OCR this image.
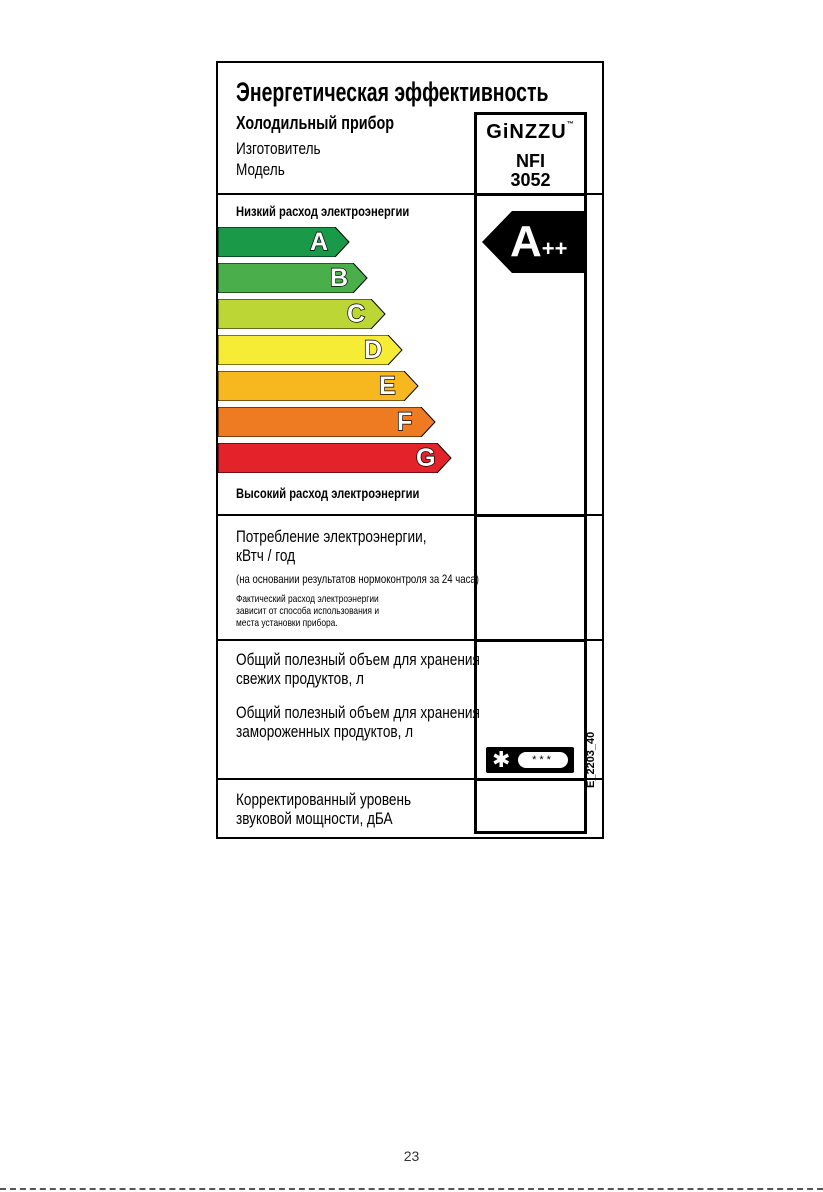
Энергетическая эффективность
Холодильный прибор
Изготовитель
Модель
Низкий расход электроэнергии
A
B
C
D
E
F
G
Высокий расход электроэнергии
Потребление электроэнергии,
кВтч / год
(на основании результатов нормоконтроля за 24 часа)
Фактический расход электроэнергии
зависит от способа использования и
места установки прибора.
Общий полезный объем для хранения
свежих продуктов, л
Общий полезный объем для хранения
замороженных продуктов, л
Корректированный уровень
звуковой мощности, дБА
GiNZZU™
NFI
3052
A++
✱	***	E_2203_40
23
